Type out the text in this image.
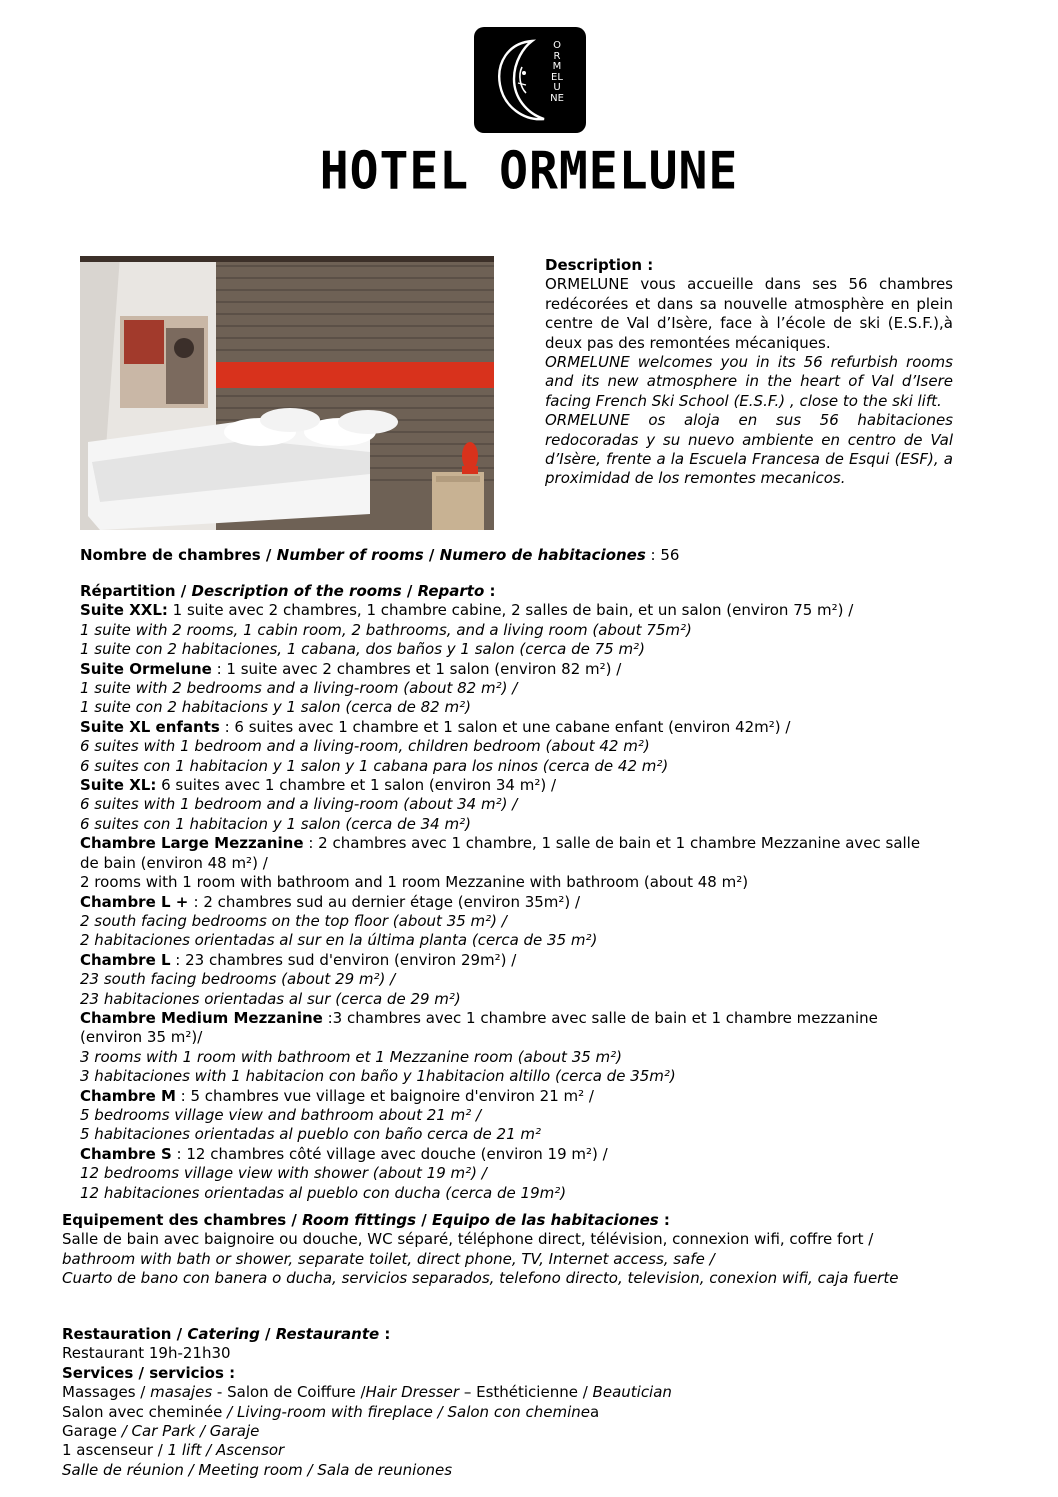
ORMELUNE
HOTEL ORMELUNE

Description :

ORMELUNE vous accueille dans ses 56 chambres redécorées et dans sa nouvelle atmosphère en plein centre de Val d’Isère, face à l’école de ski (E.S.F.),à deux pas des remontées mécaniques.

ORMELUNE welcomes you in its 56 refurbish rooms and its new atmosphere in the heart of Val d’Isere facing French Ski School (E.S.F.) , close to the ski lift.

ORMELUNE os aloja en sus 56 habitaciones redocoradas y su nuevo ambiente en centro de Val d’Isère, frente a la Escuela Francesa de Esqui (ESF), a proximidad de los remontes mecanicos.

Nombre de chambres / Number of rooms / Numero de habitaciones : 56
Répartition / Description of the rooms / Reparto :
Suite XXL: 1 suite avec 2 chambres, 1 chambre cabine, 2 salles de bain, et un salon (environ 75 m²) /
1 suite with 2 rooms, 1 cabin room, 2 bathrooms, and a living room (about 75m²)
1 suite con 2 habitaciones, 1 cabana, dos baños y 1 salon (cerca de 75 m²)
Suite Ormelune : 1 suite avec 2 chambres et 1 salon (environ 82 m²) /
1 suite with 2 bedrooms and a living-room (about 82 m²) /
1 suite con 2 habitacions y 1 salon (cerca de 82 m²)
Suite XL enfants : 6 suites avec 1 chambre et 1 salon et une cabane enfant (environ 42m²) /
6 suites with 1 bedroom and a living-room, children bedroom (about 42 m²)
6 suites con 1 habitacion y 1 salon y 1 cabana para los ninos (cerca de 42 m²)
Suite XL: 6 suites avec 1 chambre et 1 salon (environ 34 m²) /
6 suites with 1 bedroom and a living-room (about 34 m²) /
6 suites con 1 habitacion y 1 salon (cerca de 34 m²)
Chambre Large Mezzanine : 2 chambres avec 1 chambre, 1 salle de bain et 1 chambre Mezzanine avec salle de bain (environ 48 m²) /
2 rooms with 1 room with bathroom and 1 room Mezzanine with bathroom (about 48 m²)
Chambre L + : 2 chambres sud au dernier étage (environ 35m²) /
2 south facing bedrooms on the top floor (about 35 m²) /
2 habitaciones orientadas al sur en la última planta (cerca de 35 m²)
Chambre L : 23 chambres sud d'environ (environ 29m²) /
23 south facing bedrooms (about 29 m²) /
23 habitaciones orientadas al sur (cerca de 29 m²)
Chambre Medium Mezzanine :3 chambres avec 1 chambre avec salle de bain et 1 chambre mezzanine (environ 35 m²)/
3 rooms with 1 room with bathroom et 1 Mezzanine room (about 35 m²)
3 habitaciones with 1 habitacion con baño y 1habitacion altillo (cerca de 35m²)
Chambre M : 5 chambres vue village et baignoire d'environ 21 m² /
5 bedrooms village view and bathroom about 21 m² /
5 habitaciones orientadas al pueblo con baño cerca de 21 m²
Chambre S : 12 chambres côté village avec douche (environ 19 m²) /
12 bedrooms village view with shower (about 19 m²) /
12 habitaciones orientadas al pueblo con ducha (cerca de 19m²)
Equipement des chambres / Room fittings / Equipo de las habitaciones :
Salle de bain avec baignoire ou douche, WC séparé, téléphone direct, télévision, connexion wifi, coffre fort /
bathroom with bath or shower, separate toilet, direct phone, TV, Internet access, safe /
Cuarto de bano con banera o ducha, servicios separados, telefono directo, television, conexion wifi, caja fuerte
Restauration / Catering / Restaurante :
Restaurant 19h-21h30
Services / servicios :
Massages / masajes - Salon de Coiffure /Hair Dresser – Esthéticienne / Beautician
Salon avec cheminée / Living-room with fireplace / Salon con cheminea
Garage / Car Park / Garaje
1 ascenseur / 1 lift / Ascensor
Salle de réunion / Meeting room / Sala de reuniones
